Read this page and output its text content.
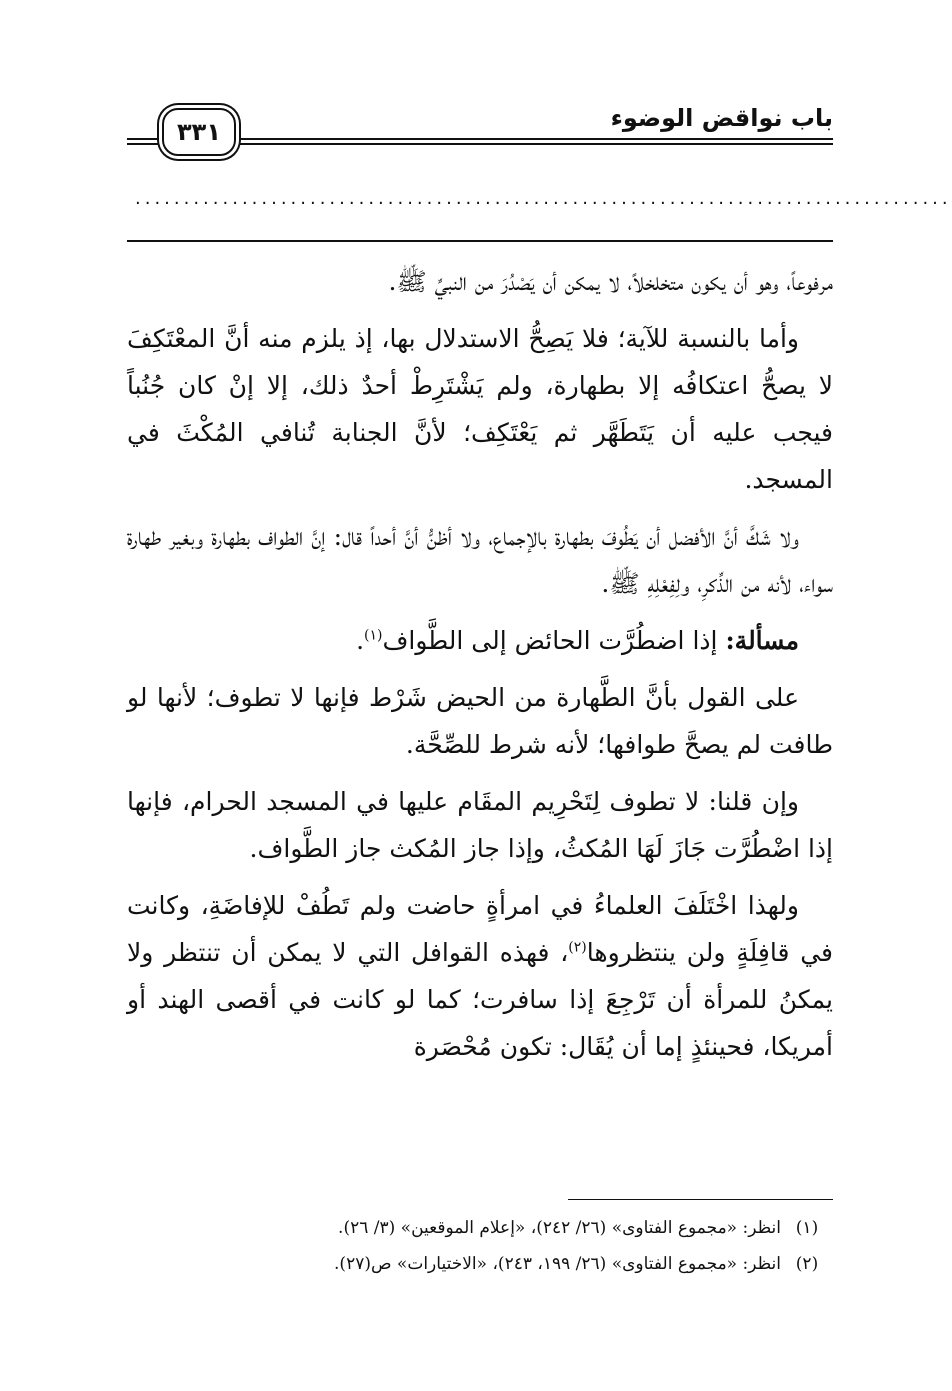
باب نواقض الوضوء
٣٣١
....................................................................................

مرفوعاً، وهو أن يكون متخلخلاً، لا يمكن أن يَصْدُرَ من النبيِّ ﷺ.

وأما بالنسبة للآية؛ فلا يَصِحُّ الاستدلال بها، إذ يلزم منه أنَّ المعْتَكِفَ لا يصحُّ اعتكافُه إلا بطهارة، ولم يَشْتَرِطْ أحدٌ ذلك، إلا إنْ كان جُنُباً فيجب عليه أن يَتَطَهَّر ثم يَعْتَكِف؛ لأنَّ الجنابة تُنافي المُكْثَ في المسجد.

ولا شَكَّ أنَّ الأفضل أن يَطُوفَ بطهارة بالإجماع، ولا أظنُّ أنَّ أحداً قال: إنَّ الطواف بطهارة وبغير طهارة سواء، لأنه من الذِّكرِ، ولِفِعْلِهِ ﷺ.

مسألة: إذا اضطُرَّت الحائض إلى الطَّواف$^{(١)}$.

على القول بأنَّ الطَّهارة من الحيض شَرْط فإنها لا تطوف؛ لأنها لو طافت لم يصحَّ طوافها؛ لأنه شرط للصِّحَّة.

وإن قلنا: لا تطوف لِتَحْرِيم المقَام عليها في المسجد الحرام، فإنها إذا اضْطُرَّت جَازَ لَهَا المُكثُ، وإذا جاز المُكث جاز الطَّواف.

ولهذا اخْتَلَفَ العلماءُ في امرأةٍ حاضت ولم تَطُفْ للإفاضَةِ، وكانت في قافِلَةٍ ولن ينتظروها$^{(٢)}$، فهذه القوافل التي لا يمكن أن تنتظر ولا يمكنُ للمرأة أن تَرْجِعَ إذا سافرت؛ كما لو كانت في أقصى الهند أو أمريكا، فحينئذٍ إما أن يُقَال: تكون مُحْصَرة

(١)
انظر: «مجموع الفتاوى» (٢٦/ ٢٤٢)، «إعلام الموقعين» (٣/ ٢٦).
(٢)
انظر: «مجموع الفتاوى» (٢٦/ ١٩٩، ٢٤٣)، «الاختيارات» ص(٢٧).
